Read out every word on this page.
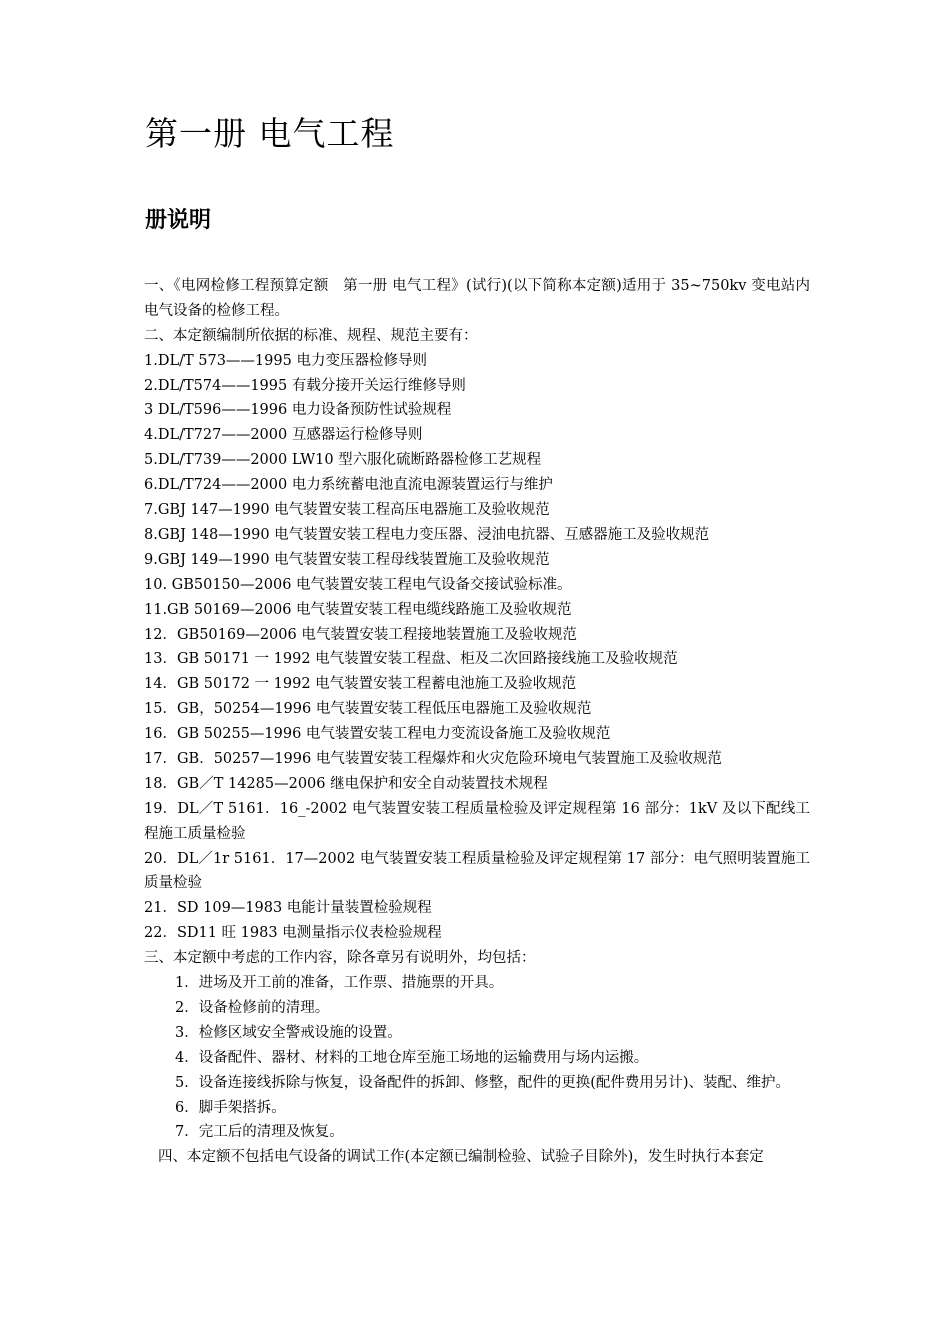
第一册 电气工程
册说明
一、《电网检修工程预算定额　第一册 电气工程》(试行)(以下简称本定额)适用于 35~750kv 变电站内电气设备的检修工程。
二、本定额编制所依据的标准、规程、规范主要有：
1.DL/T 573——1995 电力变压器检修导则
2.DL/T574——1995 有载分接开关运行维修导则
3 DL/T596——1996 电力设备预防性试验规程
4.DL/T727——2000 互感器运行检修导则
5.DL/T739——2000 LW10 型六服化硫断路器检修工艺规程
6.DL/T724——2000 电力系统蓄电池直流电源装置运行与维护
7.GBJ 147—1990 电气装置安装工程高压电器施工及验收规范
8.GBJ 148—1990 电气装置安装工程电力变压器、浸油电抗器、互感器施工及验收规范
9.GBJ 149—1990 电气装置安装工程母线装置施工及验收规范
10. GB50150—2006 电气装置安装工程电气设备交接试验标准。
11.GB 50169—2006 电气装置安装工程电缆线路施工及验收规范
12．GB50169—2006 电气装置安装工程接地装置施工及验收规范
13．GB 50171 一 1992 电气装置安装工程盘、柜及二次回路接线施工及验收规范
14．GB 50172 一 1992 电气装置安装工程蓄电池施工及验收规范
15．GB，50254—1996 电气装置安装工程低压电器施工及验收规范
16．GB 50255—1996 电气装置安装工程电力变流设备施工及验收规范
17．GB．50257—1996 电气装置安装工程爆炸和火灾危险环境电气装置施工及验收规范
18．GB／T 14285—2006 继电保护和安全自动装置技术规程
19．DL／T 5161．16_-2002 电气装置安装工程质量检验及评定规程第 16 部分：1kV 及以下配线工程施工质量检验
20．DL／1r 5161．17—2002 电气装置安装工程质量检验及评定规程第 17 部分：电气照明装置施工质量检验
21．SD 109—1983 电能计量装置检验规程
22．SD11 旺 1983 电测量指示仪表检验规程
三、本定额中考虑的工作内容，除各章另有说明外，均包括：
1．进场及开工前的准备，工作票、措施票的开具。
2．设备检修前的清理。
3．检修区域安全警戒设施的设置。
4．设备配件、器材、材料的工地仓库至施工场地的运输费用与场内运搬。
5．设备连接线拆除与恢复，设备配件的拆卸、修整，配件的更换(配件费用另计)、装配、维护。
6．脚手架搭拆。
7．完工后的清理及恢复。
四、本定额不包括电气设备的调试工作(本定额已编制检验、试验子目除外)，发生时执行本套定
